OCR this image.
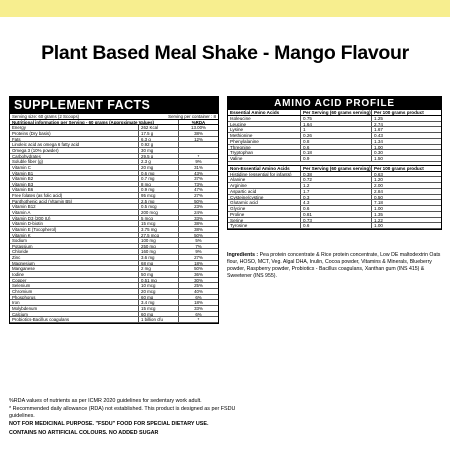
Plant Based Meal Shake - Mango Flavour
SUPPLEMENT FACTS
Serving size: 60 grams (2 Scoops)	Serving per container : 8
Nutritional information per Serving - 60 grams (Approximate Values)	%RDA
Energy	262 Kcal	13.00%
Proteins (Dry basis)	17.5 g	38%
Fats	6.3 g	12%
Linoleic acid as omega 6 fatty acid	0.92 g
Omega 3 (10% powder)	30 mg
Carbohydrates	29.5 g	*
Soluble fiber (g)	2.3 g	9%
Vitamin C	20 mg	31%
Vitamin B1	0.6 mg	43%
Vitamin B2	0.7 mg	37%
Vitamin B3	8 mg	73%
Vitamin B6	0.9 mg	47%
Free folates (as folic acid)	95 mcg	27%
Panthothenic acid (Vitamin B5)	2.5 mg	50%
Vitamin B12	0.5 mcg	23%
Vitamin A	200 mcg	24%
Vitamin D3 (200 IU)	5 mcg	33%
Vitamin D-biotin	15 mcg	38%
Vitamin E (Tocopherol)	3.75 mg	38%
Vitamin K	27.5 mcg	50%
Sodium	100 mg	5%
Potassium	250 mg	7%
Chloride	160 mg	9%
Zinc	3.6 mg	27%
Magnesium	68 mg	18%
Manganese	2 mg	50%
Iodine	50 mg	36%
Copper	0.51 mg	30%
Selenium	10 mcg	25%
Chromium	20 mcg	40%
Phosphorus	60 mg	6%
Iron	3.4 mg	18%
Molybdenum	15 mcg	33%
Calcium	60 mg	6%
Probiotics-Bacillus coagulans	1 billion cfu	*
AMINO ACID PROFILE
Essential Amino Acids	Per Serving (60 grams serving) Per 100 grams product
Isoleucine	0.75	1.25
Leucine	1.64	2.74
Lysine	1	1.67
Methionine	0.26	0.43
Phenylalanine	0.8	1.34
Threonine	0.6	1.00
Tryptophan	0.18	0.30
Valine	0.9	1.50
Non-Essential Amino Acids	Per Serving (60 grams serving) Per 100 grams product
Histidine (essential for infants)	0.38	0.63
Alanine	0.72	1.20
Arginine	1.2	2.00
Aspartic acid	1.7	2.84
Cysteine/cystine	0.3	0.50
Glutamic acid	4.3	7.18
Glycine	0.6	1.00
Proline	0.81	1.35
Serine	0.73	1.22
Tyrosine	0.6	1.00
Ingredients : Pea protein concentrate & Rice protein concentrate, Low DE maltodextrin Oats flour, HOSO, MCT, Veg. Algal DHA, Inulin, Cocoa powder, Vitamins & Minerals, Blueberry powder, Raspberry powder, Probiotics - Bacillus coagulans, Xanthan gum (INS 415) & Sweetener (INS 955).
%RDA values of nutrients as per ICMR 2020 guidelines for sedentary work adult.
* Recommended daily allowance (RDA) not established. This product is designed as per FSDU guidelines.
NOT FOR MEDICINAL PURPOSE. "FSDU" FOOD FOR SPECIAL DIETARY USE.
CONTAINS NO ARTIFICIAL COLOURS. NO ADDED SUGAR
